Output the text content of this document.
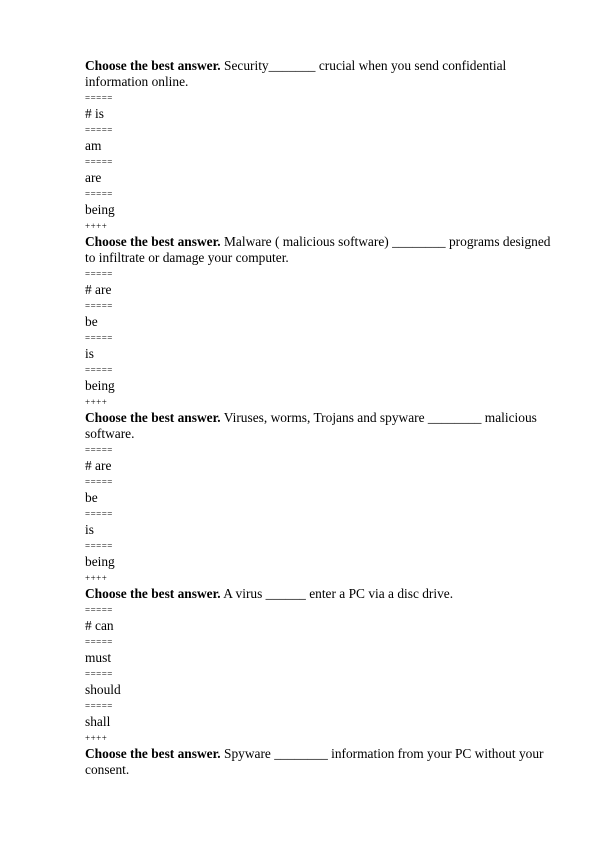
Choose the best answer. Security_______ crucial when you send confidential information online.

=====
# is
=====
am
=====
are
=====
being
++++

Choose the best answer. Malware ( malicious software) ________ programs designed to infiltrate or damage your computer.

=====
# are
=====
be
=====
is
=====
being
++++

Choose the best answer. Viruses, worms, Trojans and spyware ________ malicious software.

=====
# are
=====
be
=====
is
=====
being
++++

Choose the best answer. A virus ______ enter a PC via a disc drive.

=====
# can
=====
must
=====
should
=====
shall
++++

Choose the best answer. Spyware ________ information from your PC without your consent.
